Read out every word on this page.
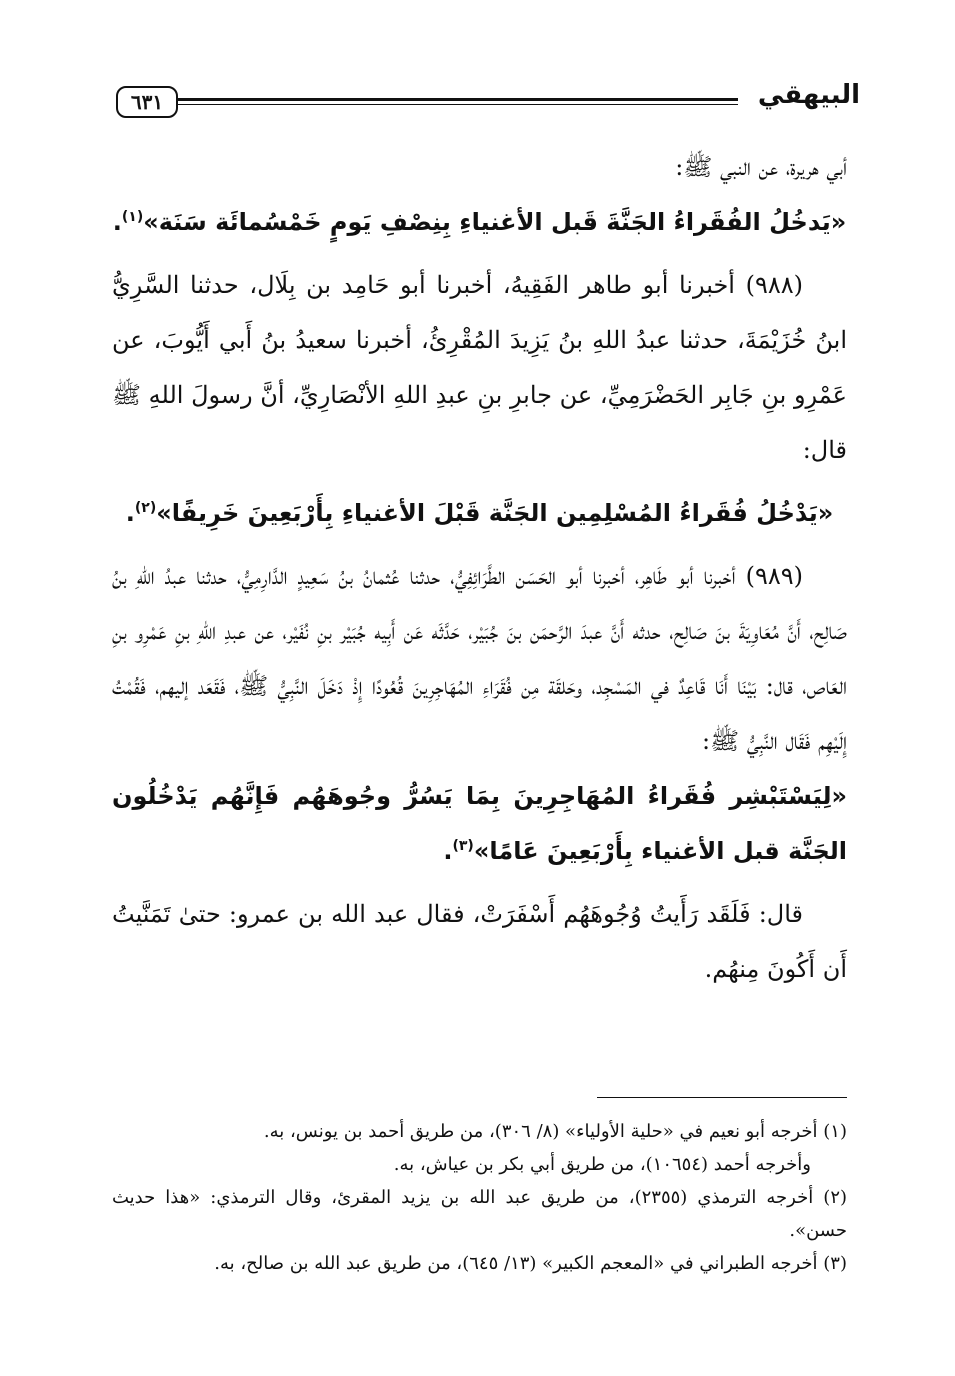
٦٣١	البيهقي

أبي هريرة، عن النبي ﷺ:

«يَدخُلُ الفُقَراءُ الجَنَّةَ قَبل الأغنياءِ بِنِصْفِ يَومٍ خَمْسُمائَة سَنَة»$^{(١)}$.

(٩٨٨) أخبرنا أبو طاهر الفَقِيهُ، أخبرنا أبو حَامِد بن بِلَال، حدثنا السَّرِيُّ ابنُ خُزَيْمَةَ، حدثنا عبدُ اللهِ بنُ يَزِيدَ المُقْرِئُ، أخبرنا سعيدُ بنُ أَبي أَيُّوبَ، عن عَمْرِو بنِ جَابِر الحَضْرَمِيِّ، عن جابرِ بنِ عبدِ اللهِ الأنْصَارِيِّ، أنَّ رسولَ اللهِ ﷺ قال:

«يَدْخُلُ فُقَراءُ المُسْلِمِين الجَنَّة قَبْلَ الأغنياءِ بِأَرْبَعِينَ خَرِيفًا»$^{(٢)}$.

(٩٨٩) أخبرنا أبو طَاهِر، أخبرنا أبو الحَسَن الطَّرَائِفِيُّ، حدثنا عُثمانُ بنُ سَعِيدٍ الدَّارِمِيُّ، حدثنا عبدُ اللهِ بنُ صَالِح، أَنَّ مُعَاوِيَةَ بنَ صَالِح، حدثه أَنَّ عبدَ الرَّحمَن بنَ جُبَيْر، حَدَّثَه عَن أَبِيه جُبَيْر بنِ نُفَيْر، عن عبدِ اللهِ بنِ عَمْرِو بنِ العَاص، قال: بَيْنَا أَنَا قَاعِدٌ في المَسْجِد، وحَلقَة مِن فُقَرَاءِ المُهَاجِرِينَ قُعُودًا إِذْ دَخَلَ النَّبِيُّ ﷺ، فَقَعَد إليهم، فَقُمْتُ إِلَيْهِم فَقَال النَّبِيُّ ﷺ:

«لِيَسْتَبْشِر فُقَراءُ المُهَاجِرِينَ بِمَا يَسُرُّ وجُوهَهُم فَإِنَّهُم يَدْخُلُون الجَنَّة قبل الأغنياء بِأَرْبَعِينَ عَامًا»$^{(٣)}$.

قال: فَلَقَد رَأَيتُ وُجُوهَهُم أَسْفَرَتْ، فقال عبد الله بن عمرو: حتىٰ تَمَنَّيتُ أَن أَكُونَ مِنهُم.

(١) أخرجه أبو نعيم في «حلية الأولياء» (٨/ ٣٠٦)، من طريق أحمد بن يونس، به.

وأخرجه أحمد (١٠٦٥٤)، من طريق أبي بكر بن عياش، به.

(٢) أخرجه الترمذي (٢٣٥٥)، من طريق عبد الله بن يزيد المقرئ، وقال الترمذي: «هذا حديث حسن».

(٣) أخرجه الطبراني في «المعجم الكبير» (١٣/ ٦٤٥)، من طريق عبد الله بن صالح، به.
